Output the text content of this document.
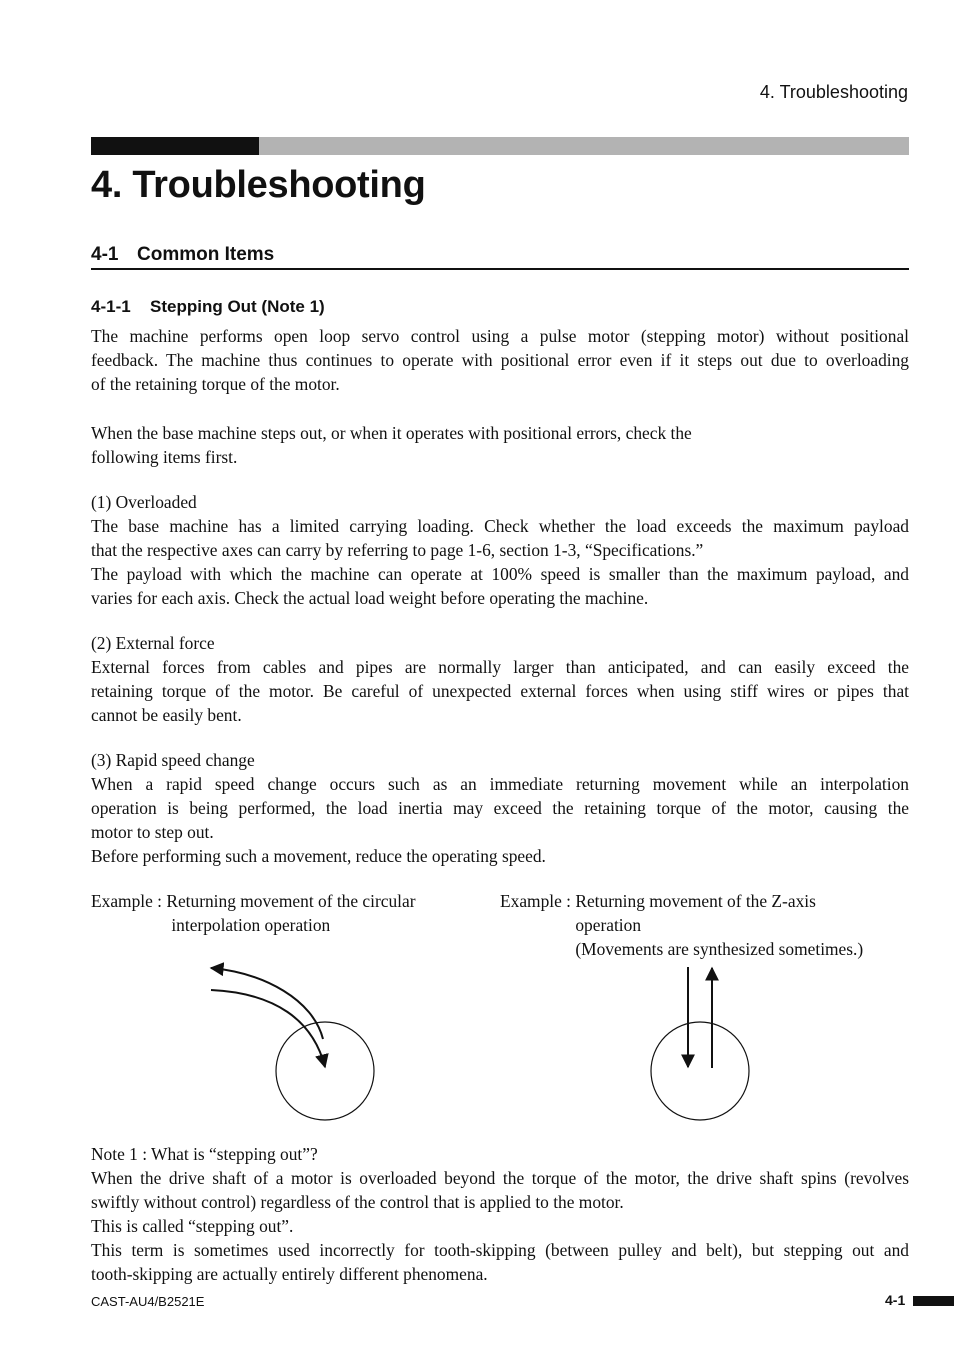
4. Troubleshooting
4. Troubleshooting
4-1 Common Items
4-1-1 Stepping Out (Note 1)
The machine performs open loop servo control using a pulse motor (stepping motor) without positional
feedback. The machine thus continues to operate with positional error even if it steps out due to overloading
of the retaining torque of the motor.
When the base machine steps out, or when it operates with positional errors, check the
following items first.
(1) Overloaded
The base machine has a limited carrying loading. Check whether the load exceeds the maximum payload
that the respective axes can carry by referring to page 1-6, section 1-3, “Specifications.”
The payload with which the machine can operate at 100% speed is smaller than the maximum payload, and
varies for each axis. Check the actual load weight before operating the machine.
(2) External force
External forces from cables and pipes are normally larger than anticipated, and can easily exceed the
retaining torque of the motor. Be careful of unexpected external forces when using stiff wires or pipes that
cannot be easily bent.
(3) Rapid speed change
When a rapid speed change occurs such as an immediate returning movement while an interpolation
operation is being performed, the load inertia may exceed the retaining torque of the motor, causing the
motor to step out.
Before performing such a movement, reduce the operating speed.
Example : Returning movement of the circular
interpolation operation
Example : Returning movement of the Z-axis
operation
(Movements are synthesized sometimes.)
Note 1 : What is “stepping out”?
When the drive shaft of a motor is overloaded beyond the torque of the motor, the drive shaft spins (revolves
swiftly without control) regardless of the control that is applied to the motor.
This is called “stepping out”.
This term is sometimes used incorrectly for tooth-skipping (between pulley and belt), but stepping out and
tooth-skipping are actually entirely different phenomena.
CAST-AU4/B2521E	4-1
